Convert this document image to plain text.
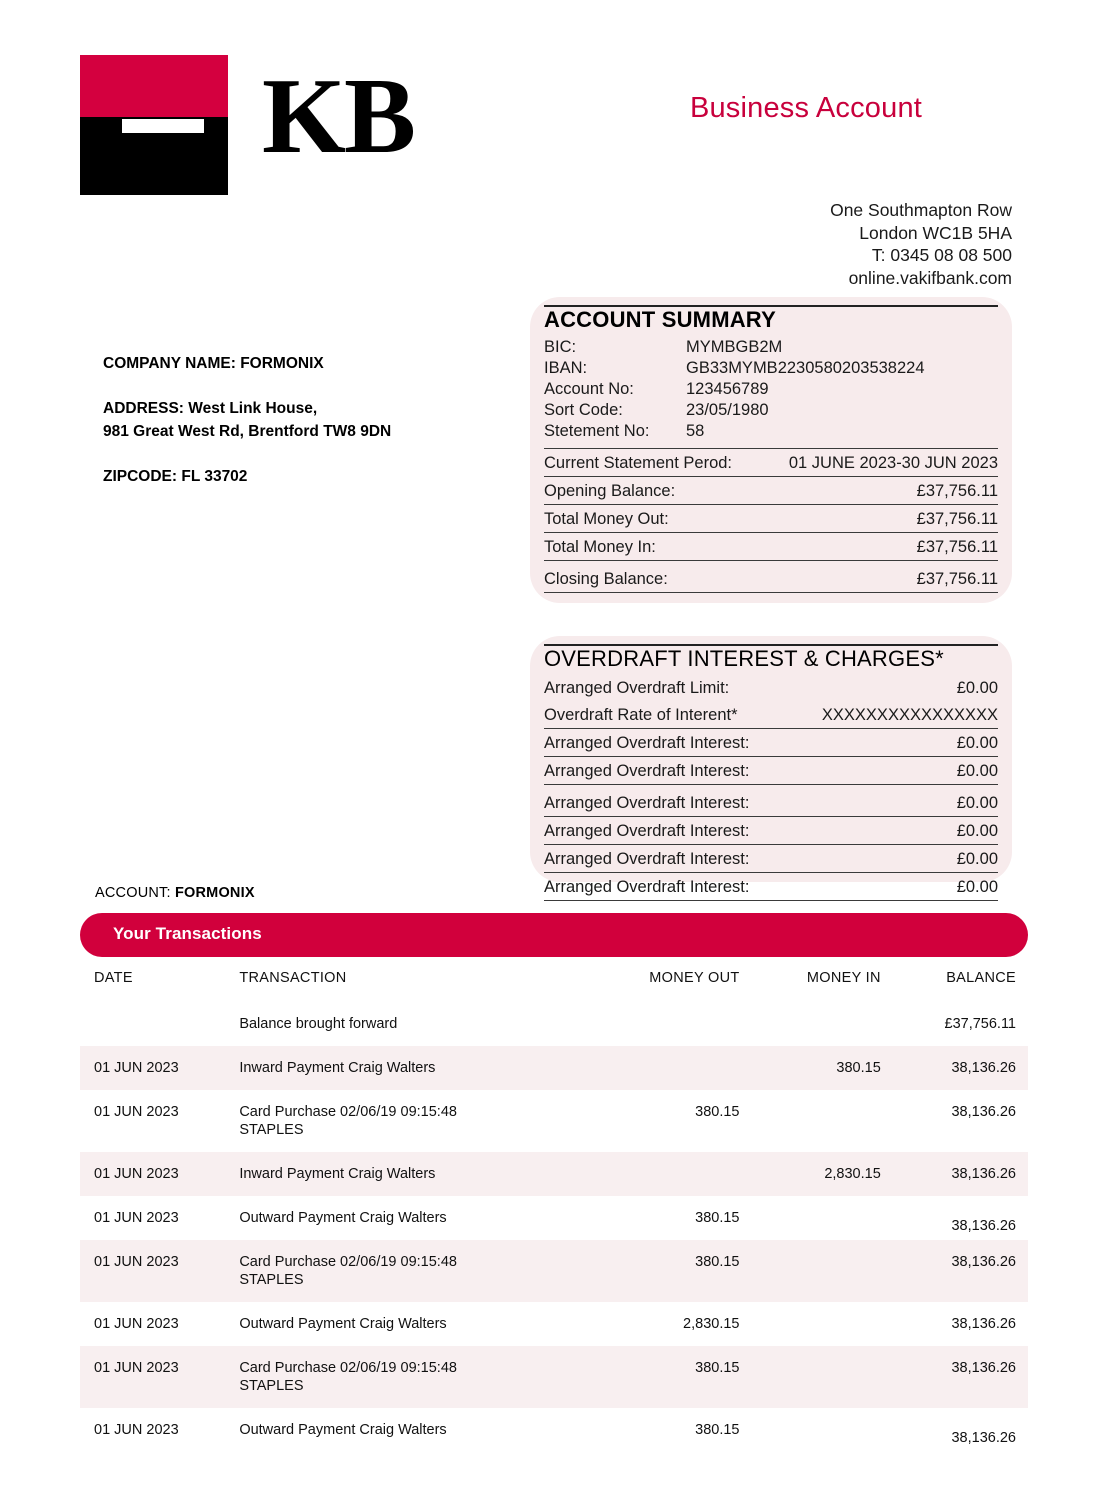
KB	Business Account
One Southmapton Row
London WC1B 5HA
T: 0345 08 08 500
online.vakifbank.com
COMPANY NAME: FORMONIX
ADDRESS: West Link House,
981 Great West Rd, Brentford TW8 9DN
ZIPCODE: FL 33702
ACCOUNT SUMMARY
BIC:	MYMBGB2M
IBAN:	GB33MYMB2230580203538224
Account No:	123456789
Sort Code:	23/05/1980
Stetement No:	58
Current Statement Perod:	01 JUNE 2023-30 JUN 2023
Opening Balance:	£37,756.11
Total Money Out:	£37,756.11
Total Money In:	£37,756.11
Closing Balance:	£37,756.11
OVERDRAFT INTEREST & CHARGES*
Arranged Overdraft Limit:	£0.00
Overdraft Rate of Interent*	XXXXXXXXXXXXXXXX
Arranged Overdraft Interest:	£0.00
Arranged Overdraft Interest:	£0.00
Arranged Overdraft Interest:	£0.00
Arranged Overdraft Interest:	£0.00
Arranged Overdraft Interest:	£0.00
Arranged Overdraft Interest:	£0.00
ACCOUNT: FORMONIX
Your Transactions
DATE	TRANSACTION	MONEY OUT	MONEY IN	BALANCE
	Balance brought forward			£37,756.11
01 JUN 2023	Inward Payment Craig Walters		380.15	38,136.26
01 JUN 2023	Card Purchase 02/06/19 09:15:48
STAPLES	380.15		38,136.26
01 JUN 2023	Inward Payment Craig Walters		2,830.15	38,136.26
01 JUN 2023	Outward Payment Craig Walters	380.15		38,136.26
01 JUN 2023	Card Purchase 02/06/19 09:15:48
STAPLES	380.15		38,136.26
01 JUN 2023	Outward Payment Craig Walters	2,830.15		38,136.26
01 JUN 2023	Card Purchase 02/06/19 09:15:48
STAPLES	380.15		38,136.26
01 JUN 2023	Outward Payment Craig Walters	380.15		38,136.26
